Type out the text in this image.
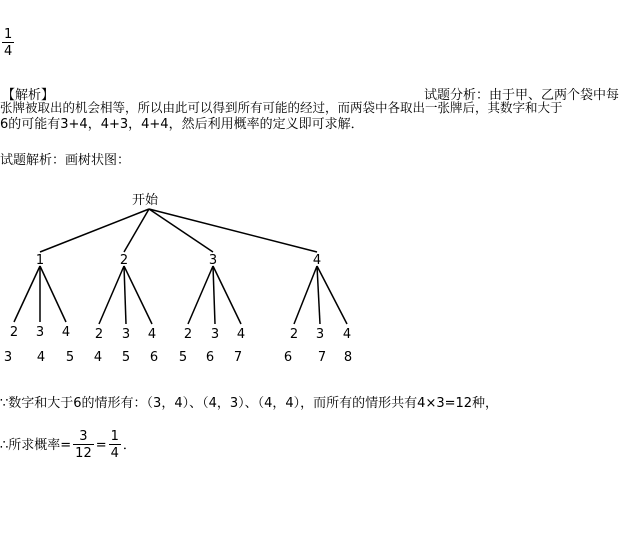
$\frac{1}{4}$
【解析】	试题分析：由于甲、乙两个袋中每
张牌被取出的机会相等，所以由此可以得到所有可能的经过，而两袋中各取出一张牌后，其数字和大于
6的可能有3+4，4+3，4+4，然后利用概率的定义即可求解．
试题解析：画树状图：
开始
1	2	3	4
2 3 4 2 3 4 2 3 4	2 3 4
3 4 5 4 5 6 5 6 7	6 7 8
∵数字和大于6的情形有：（3，4）、（4，3）、（4，4），而所有的情形共有4×3=12种，
∴所求概率= $\frac{3}{12} = \frac{1}{4}$ ．
